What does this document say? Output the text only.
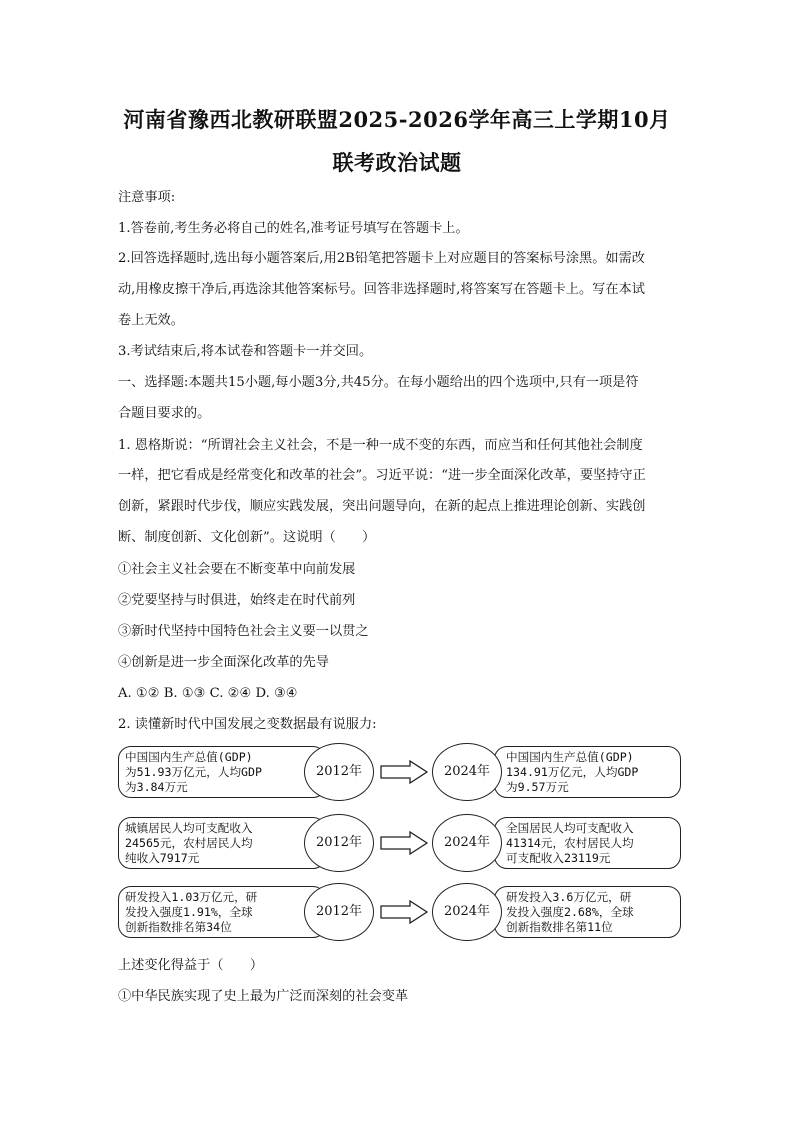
河南省豫西北教研联盟2025-2026学年高三上学期10月
联考政治试题
注意事项:
1.答卷前,考生务必将自己的姓名,准考证号填写在答题卡上。
2.回答选择题时,选出每小题答案后,用2B铅笔把答题卡上对应题目的答案标号涂黑。如需改
动,用橡皮擦干净后,再选涂其他答案标号。回答非选择题时,将答案写在答题卡上。写在本试
卷上无效。
3.考试结束后,将本试卷和答题卡一并交回。
一、选择题:本题共15小题,每小题3分,共45分。在每小题给出的四个选项中,只有一项是符
合题目要求的。
1. 恩格斯说：“所谓社会主义社会，不是一种一成不变的东西，而应当和任何其他社会制度
一样，把它看成是经常变化和改革的社会”。习近平说：“进一步全面深化改革，要坚持守正
创新，紧跟时代步伐，顺应实践发展，突出问题导向，在新的起点上推进理论创新、实践创
断、制度创新、文化创新”。这说明（　　）
①社会主义社会要在不断变革中向前发展
②党要坚持与时俱进，始终走在时代前列
③新时代坚持中国特色社会主义要一以贯之
④创新是进一步全面深化改革的先导
A. ①② B. ①③ C. ②④ D. ③④
2. 读懂新时代中国发展之变数据最有说服力:
中国国内生产总值(GDP)
为51.93万亿元，人均GDP
为3.84万元
2012年	2024年
中国国内生产总值(GDP)
134.91万亿元，人均GDP
为9.57万元
城镇居民人均可支配收入
24565元，农村居民人均
纯收入7917元
2012年	2024年
全国居民人均可支配收入
41314元，农村居民人均
可支配收入23119元
研发投入1.03万亿元，研
发投入强度1.91%，全球
创新指数排名第34位
2012年	2024年
研发投入3.6万亿元，研
发投入强度2.68%，全球
创新指数排名第11位
上述变化得益于（　　）
①中华民族实现了史上最为广泛而深刻的社会变革
